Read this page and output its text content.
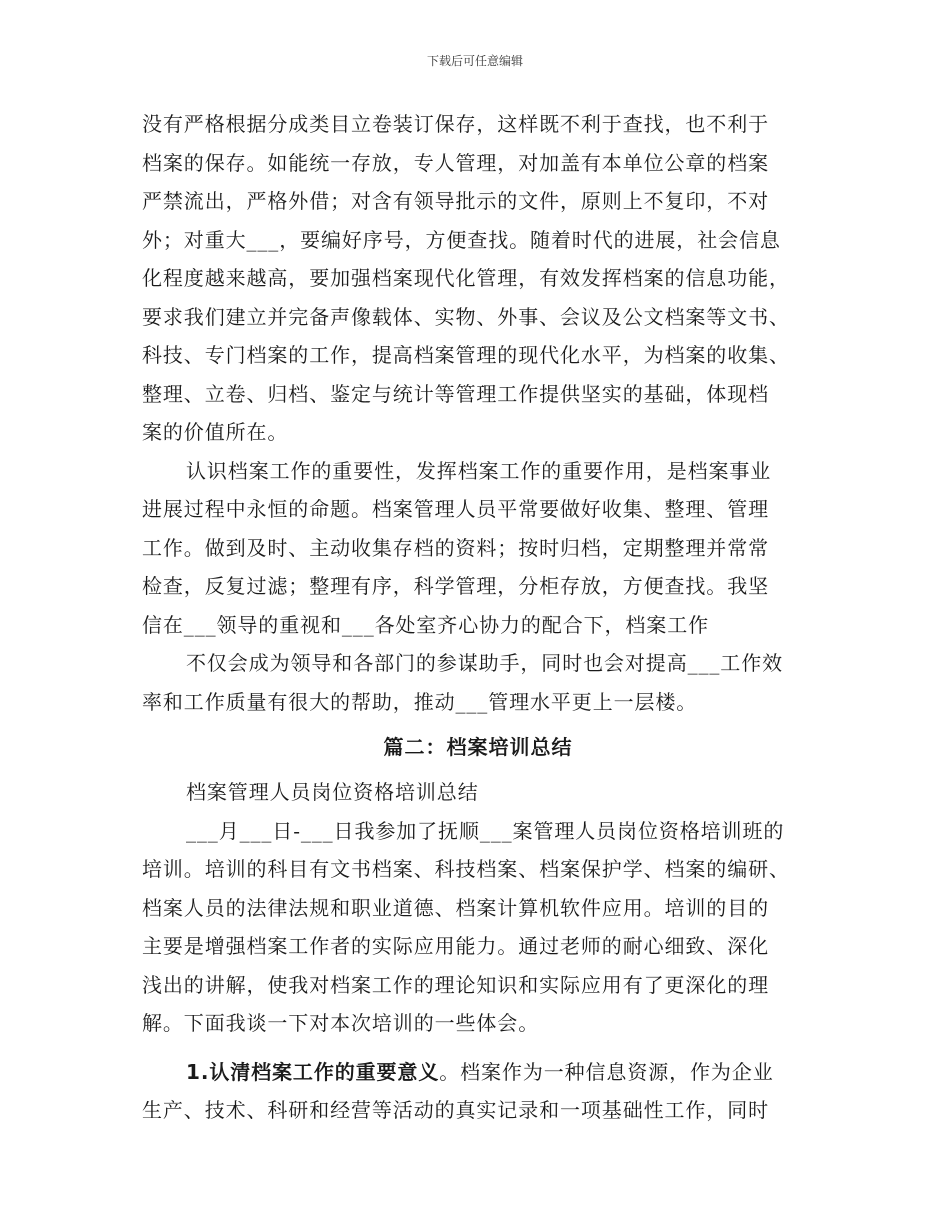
下载后可任意编辑
没有严格根据分成类目立卷装订保存，这样既不利于查找，也不利于
档案的保存。如能统一存放，专人管理，对加盖有本单位公章的档案
严禁流出，严格外借；对含有领导批示的文件，原则上不复印，不对
外；对重大___，要编好序号，方便查找。随着时代的进展，社会信息
化程度越来越高，要加强档案现代化管理，有效发挥档案的信息功能，
要求我们建立并完备声像载体、实物、外事、会议及公文档案等文书、
科技、专门档案的工作，提高档案管理的现代化水平，为档案的收集、
整理、立卷、归档、鉴定与统计等管理工作提供坚实的基础，体现档
案的价值所在。
认识档案工作的重要性，发挥档案工作的重要作用，是档案事业
进展过程中永恒的命题。档案管理人员平常要做好收集、整理、管理
工作。做到及时、主动收集存档的资料；按时归档，定期整理并常常
检查，反复过滤；整理有序，科学管理，分柜存放，方便查找。我坚
信在___领导的重视和___各处室齐心协力的配合下，档案工作
不仅会成为领导和各部门的参谋助手，同时也会对提高___工作效
率和工作质量有很大的帮助，推动___管理水平更上一层楼。
篇二：档案培训总结
档案管理人员岗位资格培训总结
___月___日-___日我参加了抚顺___案管理人员岗位资格培训班的
培训。培训的科目有文书档案、科技档案、档案保护学、档案的编研、
档案人员的法律法规和职业道德、档案计算机软件应用。培训的目的
主要是增强档案工作者的实际应用能力。通过老师的耐心细致、深化
浅出的讲解，使我对档案工作的理论知识和实际应用有了更深化的理
解。下面我谈一下对本次培训的一些体会。
1.认清档案工作的重要意义。档案作为一种信息资源，作为企业
生产、技术、科研和经营等活动的真实记录和一项基础性工作，同时
